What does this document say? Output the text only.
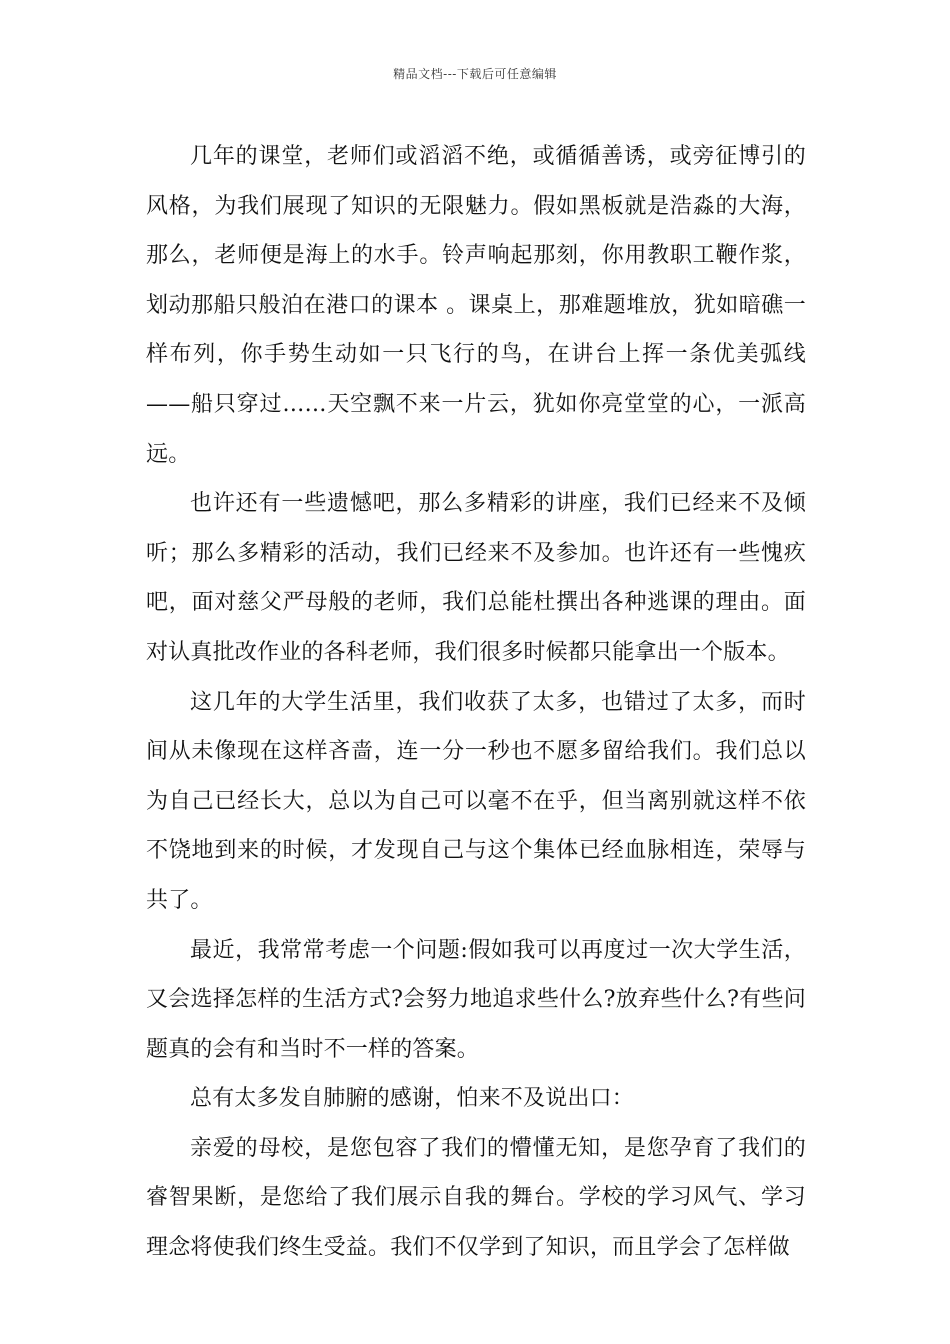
精品文档---下载后可任意编辑

几年的课堂，老师们或滔滔不绝，或循循善诱，或旁征博引的风格，为我们展现了知识的无限魅力。假如黑板就是浩淼的大海，那么，老师便是海上的水手。铃声响起那刻，你用教职工鞭作浆，划动那船只般泊在港口的课本 。课桌上，那难题堆放，犹如暗礁一样布列，你手势生动如一只飞行的鸟，在讲台上挥一条优美弧线——船只穿过……天空飘不来一片云，犹如你亮堂堂的心，一派高远。

也许还有一些遗憾吧，那么多精彩的讲座，我们已经来不及倾听；那么多精彩的活动，我们已经来不及参加。也许还有一些愧疚吧，面对慈父严母般的老师，我们总能杜撰出各种逃课的理由。面对认真批改作业的各科老师，我们很多时候都只能拿出一个版本。

这几年的大学生活里，我们收获了太多，也错过了太多，而时间从未像现在这样吝啬，连一分一秒也不愿多留给我们。我们总以为自己已经长大，总以为自己可以毫不在乎，但当离别就这样不依不饶地到来的时候，才发现自己与这个集体已经血脉相连，荣辱与共了。

最近，我常常考虑一个问题:假如我可以再度过一次大学生活，又会选择怎样的生活方式?会努力地追求些什么?放弃些什么?有些问题真的会有和当时不一样的答案。

总有太多发自肺腑的感谢，怕来不及说出口：

亲爱的母校，是您包容了我们的懵懂无知，是您孕育了我们的睿智果断，是您给了我们展示自我的舞台。学校的学习风气、学习理念将使我们终生受益。我们不仅学到了知识，而且学会了怎样做
